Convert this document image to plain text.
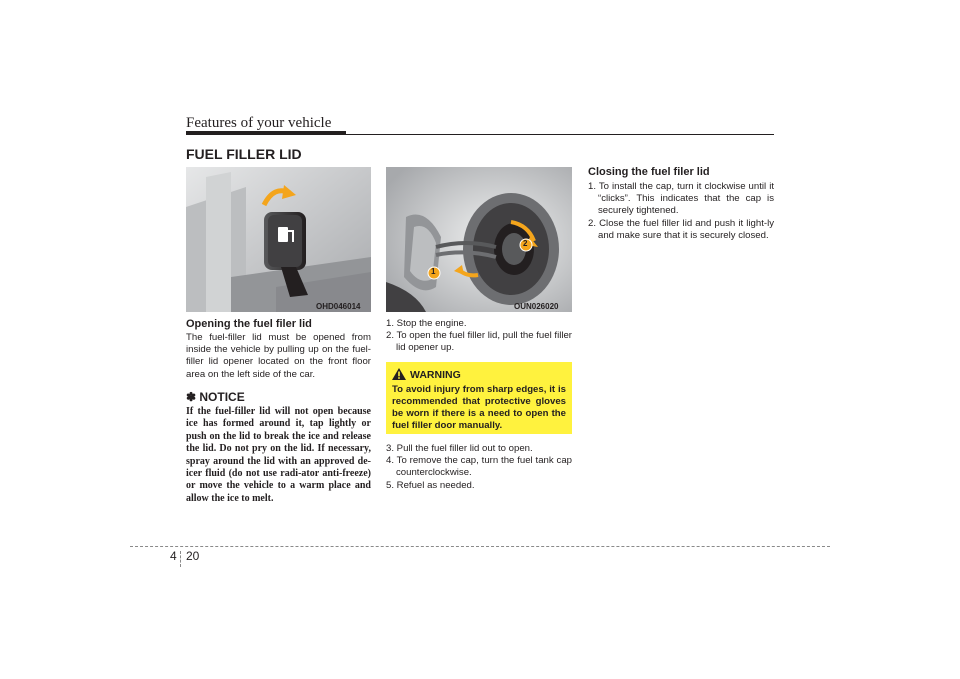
Features of your vehicle
FUEL FILLER LID
OHD046014
1
2
OUN026020
Opening the fuel filer lid

The fuel-filler lid must be opened from inside the vehicle by pulling up on the fuel-filler lid opener located on the front floor area on the left side of the car.

✽ NOTICE

If the fuel-filler lid will not open because ice has formed around it, tap lightly or push on the lid to break the ice and release the lid. Do not pry on the lid. If necessary, spray around the lid with an approved de-icer fluid (do not use radi-ator anti-freeze) or move the vehicle to a warm place and allow the ice to melt.

1. Stop the engine.
2. To open the fuel filler lid, pull the fuel filler lid opener up.
WARNING

To avoid injury from sharp edges, it is recommended that protective gloves be worn if there is a need to open the fuel filler door manually.

3. Pull the fuel filler lid out to open.
4. To remove the cap, turn the fuel tank cap counterclockwise.
5. Refuel as needed.
Closing the fuel filer lid
1. To install the cap, turn it clockwise until it “clicks”. This indicates that the cap is securely tightened.
2. Close the fuel filler lid and push it light-ly and make sure that it is securely closed.
4 20
